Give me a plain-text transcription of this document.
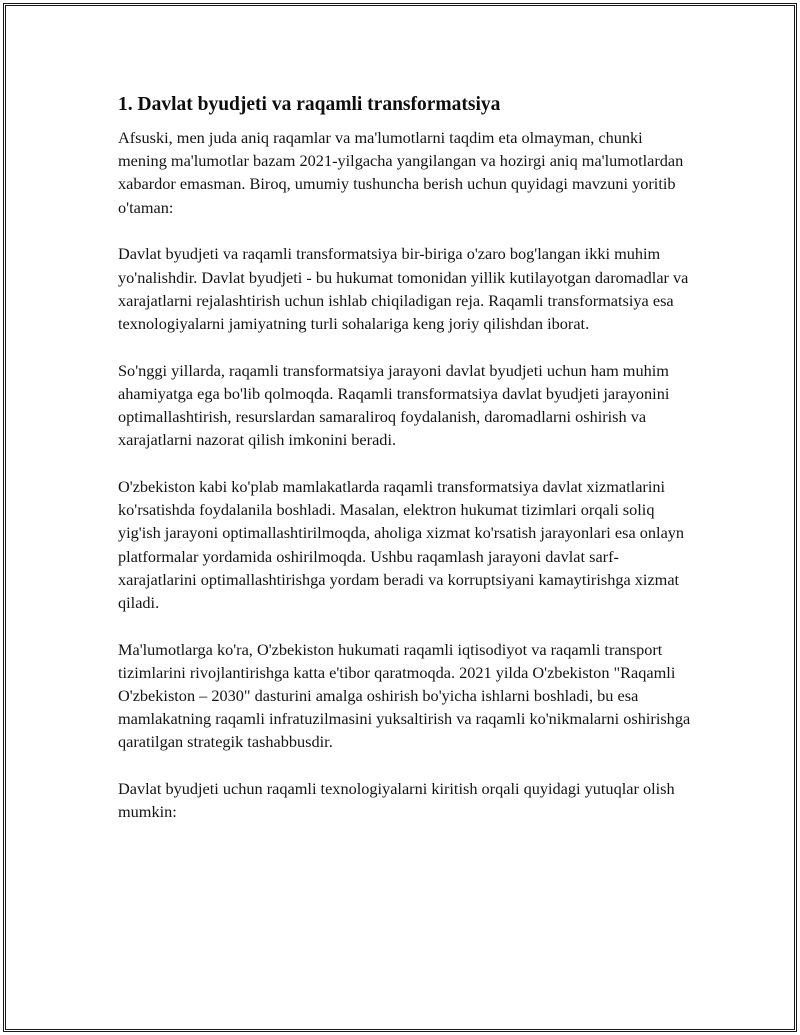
1. Davlat byudjeti va raqamli transformatsiya

Afsuski, men juda aniq raqamlar va ma'lumotlarni taqdim eta olmayman, chunki mening ma'lumotlar bazam 2021-yilgacha yangilangan va hozirgi aniq ma'lumotlardan xabardor emasman. Biroq, umumiy tushuncha berish uchun quyidagi mavzuni yoritib o'taman:

Davlat byudjeti va raqamli transformatsiya bir-biriga o'zaro bog'langan ikki muhim yo'nalishdir. Davlat byudjeti - bu hukumat tomonidan yillik kutilayotgan daromadlar va xarajatlarni rejalashtirish uchun ishlab chiqiladigan reja. Raqamli transformatsiya esa texnologiyalarni jamiyatning turli sohalariga keng joriy qilishdan iborat.

So'nggi yillarda, raqamli transformatsiya jarayoni davlat byudjeti uchun ham muhim ahamiyatga ega bo'lib qolmoqda. Raqamli transformatsiya davlat byudjeti jarayonini optimallashtirish, resurslardan samaraliroq foydalanish, daromadlarni oshirish va xarajatlarni nazorat qilish imkonini beradi.

O'zbekiston kabi ko'plab mamlakatlarda raqamli transformatsiya davlat xizmatlarini ko'rsatishda foydalanila boshladi. Masalan, elektron hukumat tizimlari orqali soliq yig'ish jarayoni optimallashtirilmoqda, aholiga xizmat ko'rsatish jarayonlari esa onlayn platformalar yordamida oshirilmoqda. Ushbu raqamlash jarayoni davlat sarf-xarajatlarini optimallashtirishga yordam beradi va korruptsiyani kamaytirishga xizmat qiladi.

Ma'lumotlarga ko'ra, O'zbekiston hukumati raqamli iqtisodiyot va raqamli transport tizimlarini rivojlantirishga katta e'tibor qaratmoqda. 2021 yilda O'zbekiston "Raqamli O'zbekiston – 2030" dasturini amalga oshirish bo'yicha ishlarni boshladi, bu esa mamlakatning raqamli infratuzilmasini yuksaltirish va raqamli ko'nikmalarni oshirishga qaratilgan strategik tashabbusdir.

Davlat byudjeti uchun raqamli texnologiyalarni kiritish orqali quyidagi yutuqlar olish mumkin:
